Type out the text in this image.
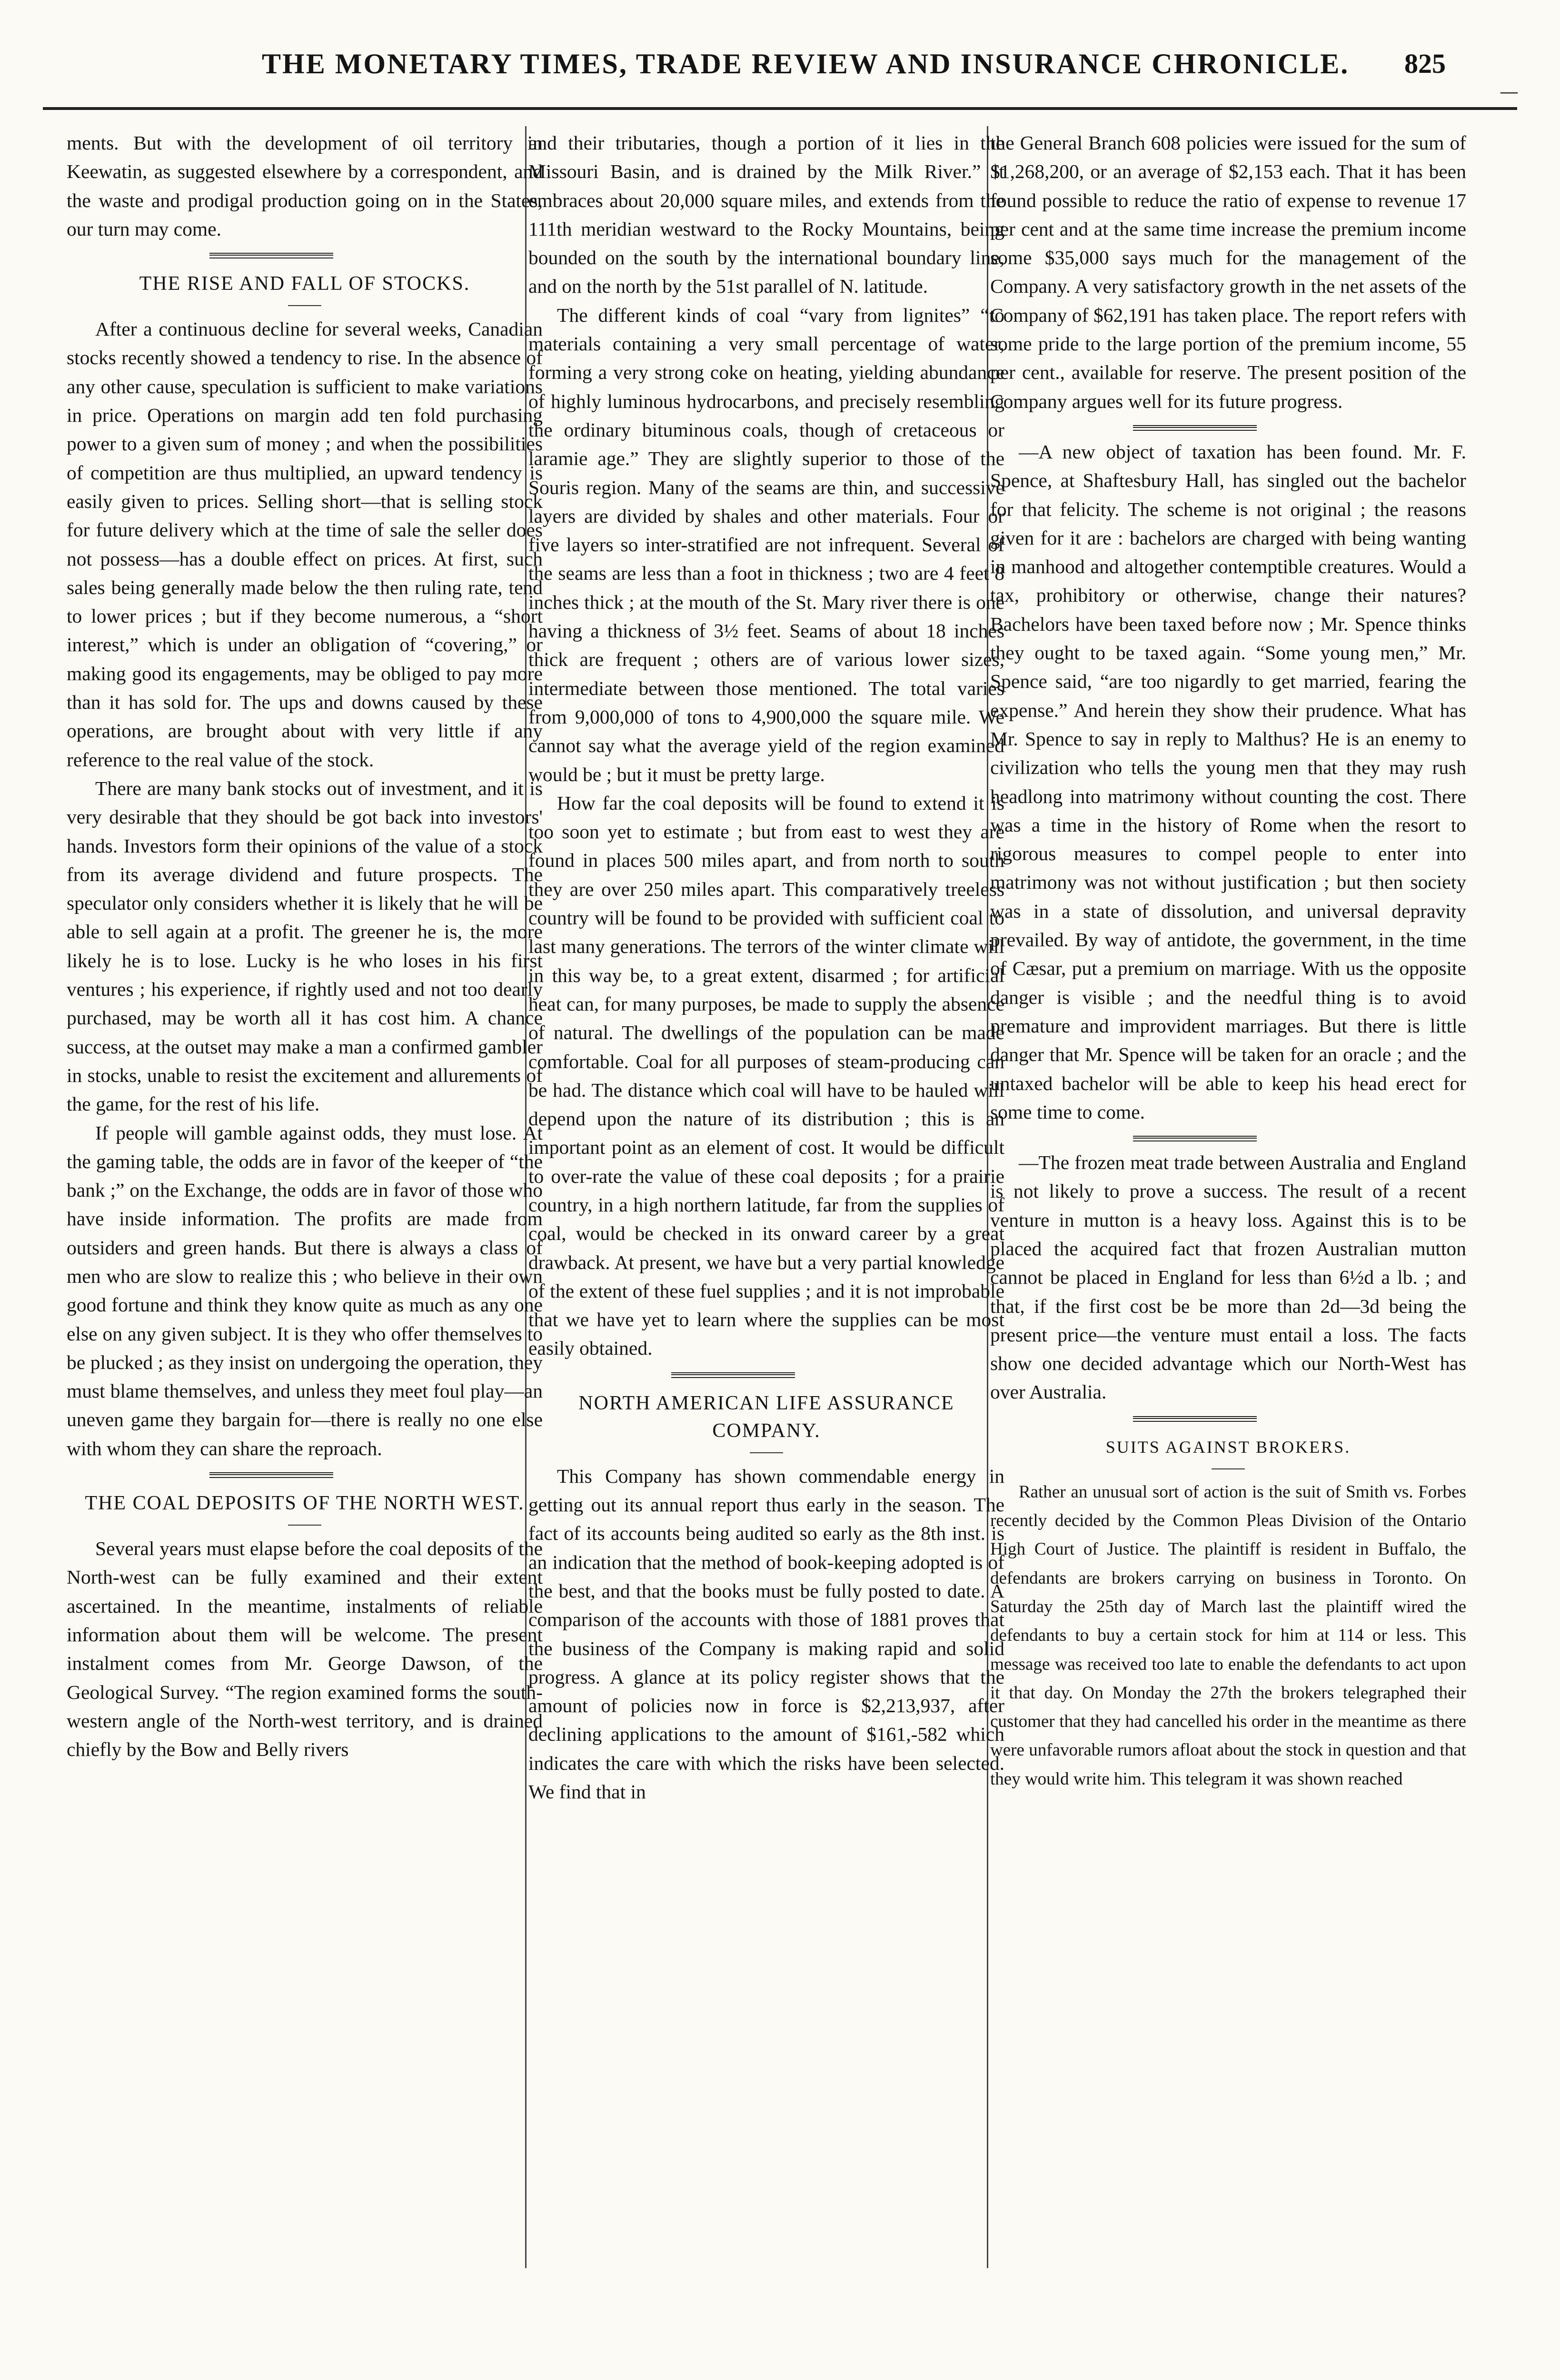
THE MONETARY TIMES, TRADE REVIEW AND INSURANCE CHRONICLE. 825
—

ments. But with the development of oil territory in Keewatin, as suggested elsewhere by a correspondent, and the waste and prodigal production going on in the States, our turn may come.

THE RISE AND FALL OF STOCKS.

After a continuous decline for several weeks, Canadian stocks recently showed a tendency to rise. In the absence of any other cause, speculation is sufficient to make variations in price. Operations on margin add ten fold purchasing power to a given sum of money ; and when the possibilities of competition are thus multiplied, an upward tendency is easily given to prices. Selling short—that is selling stock for future delivery which at the time of sale the seller does not possess—has a double effect on prices. At first, such sales being generally made below the then ruling rate, tend to lower prices ; but if they become numerous, a “short interest,” which is under an obligation of “covering,” or making good its engagements, may be obliged to pay more than it has sold for. The ups and downs caused by these operations, are brought about with very little if any reference to the real value of the stock.

There are many bank stocks out of investment, and it is very desirable that they should be got back into investors' hands. Investors form their opinions of the value of a stock from its average dividend and future prospects. The speculator only considers whether it is likely that he will be able to sell again at a profit. The greener he is, the more likely he is to lose. Lucky is he who loses in his first ventures ; his experience, if rightly used and not too dearly purchased, may be worth all it has cost him. A chance success, at the outset may make a man a confirmed gambler in stocks, unable to resist the excitement and allurements of the game, for the rest of his life.

If people will gamble against odds, they must lose. At the gaming table, the odds are in favor of the keeper of “the bank ;” on the Exchange, the odds are in favor of those who have inside information. The profits are made from outsiders and green hands. But there is always a class of men who are slow to realize this ; who believe in their own good fortune and think they know quite as much as any one else on any given subject. It is they who offer themselves to be plucked ; as they insist on undergoing the operation, they must blame themselves, and unless they meet foul play—an uneven game they bargain for—there is really no one else with whom they can share the reproach.

THE COAL DEPOSITS OF THE NORTH WEST.

Several years must elapse before the coal deposits of the North-west can be fully examined and their extent ascertained. In the meantime, instalments of reliable information about them will be welcome. The present instalment comes from Mr. George Dawson, of the Geological Survey. “The region examined forms the south-western angle of the North-west territory, and is drained chiefly by the Bow and Belly rivers

and their tributaries, though a portion of it lies in the Missouri Basin, and is drained by the Milk River.” It embraces about 20,000 square miles, and extends from the 111th meridian westward to the Rocky Mountains, being bounded on the south by the international boundary line, and on the north by the 51st parallel of N. latitude.

The different kinds of coal “vary from lignites” “to materials containing a very small percentage of water, forming a very strong coke on heating, yielding abundance of highly luminous hydrocarbons, and precisely resembling the ordinary bituminous coals, though of cretaceous or laramie age.” They are slightly superior to those of the Souris region. Many of the seams are thin, and successive layers are divided by shales and other materials. Four or five layers so inter-stratified are not infrequent. Several of the seams are less than a foot in thickness ; two are 4 feet 8 inches thick ; at the mouth of the St. Mary river there is one having a thickness of 3½ feet. Seams of about 18 inches thick are frequent ; others are of various lower sizes, intermediate between those mentioned. The total varies from 9,000,000 of tons to 4,900,000 the square mile. We cannot say what the average yield of the region examined would be ; but it must be pretty large.

How far the coal deposits will be found to extend it is too soon yet to estimate ; but from east to west they are found in places 500 miles apart, and from north to south they are over 250 miles apart. This comparatively treeless country will be found to be provided with sufficient coal to last many generations. The terrors of the winter climate will in this way be, to a great extent, disarmed ; for artificial heat can, for many purposes, be made to supply the absence of natural. The dwellings of the population can be made comfortable. Coal for all purposes of steam-producing can be had. The distance which coal will have to be hauled will depend upon the nature of its distribution ; this is an important point as an element of cost. It would be difficult to over-rate the value of these coal deposits ; for a prairie country, in a high northern latitude, far from the supplies of coal, would be checked in its onward career by a great drawback. At present, we have but a very partial knowledge of the extent of these fuel supplies ; and it is not improbable that we have yet to learn where the supplies can be most easily obtained.

NORTH AMERICAN LIFE ASSURANCE COMPANY.

This Company has shown commendable energy in getting out its annual report thus early in the season. The fact of its accounts being audited so early as the 8th inst. is an indication that the method of book-keeping adopted is of the best, and that the books must be fully posted to date. A comparison of the accounts with those of 1881 proves that the business of the Company is making rapid and solid progress. A glance at its policy register shows that the amount of policies now in force is $2,213,937, after declining applications to the amount of $161,-582 which indicates the care with which the risks have been selected. We find that in

the General Branch 608 policies were issued for the sum of $1,268,200, or an average of $2,153 each. That it has been found possible to reduce the ratio of expense to revenue 17 per cent and at the same time increase the premium income some $35,000 says much for the management of the Company. A very satisfactory growth in the net assets of the Company of $62,191 has taken place. The report refers with some pride to the large portion of the premium income, 55 per cent., available for reserve. The present position of the Company argues well for its future progress.

—A new object of taxation has been found. Mr. F. Spence, at Shaftesbury Hall, has singled out the bachelor for that felicity. The scheme is not original ; the reasons given for it are : bachelors are charged with being wanting in manhood and altogether contemptible creatures. Would a tax, prohibitory or otherwise, change their natures? Bachelors have been taxed before now ; Mr. Spence thinks they ought to be taxed again. “Some young men,” Mr. Spence said, “are too nigardly to get married, fearing the expense.” And herein they show their prudence. What has Mr. Spence to say in reply to Malthus? He is an enemy to civilization who tells the young men that they may rush headlong into matrimony without counting the cost. There was a time in the history of Rome when the resort to rigorous measures to compel people to enter into matrimony was not without justification ; but then society was in a state of dissolution, and universal depravity prevailed. By way of antidote, the government, in the time of Cæsar, put a premium on marriage. With us the opposite danger is visible ; and the needful thing is to avoid premature and improvident marriages. But there is little danger that Mr. Spence will be taken for an oracle ; and the untaxed bachelor will be able to keep his head erect for some time to come.

—The frozen meat trade between Australia and England is not likely to prove a success. The result of a recent venture in mutton is a heavy loss. Against this is to be placed the acquired fact that frozen Australian mutton cannot be placed in England for less than 6½d a lb. ; and that, if the first cost be be more than 2d—3d being the present price—the venture must entail a loss. The facts show one decided advantage which our North-West has over Australia.

SUITS AGAINST BROKERS.

Rather an unusual sort of action is the suit of Smith vs. Forbes recently decided by the Common Pleas Division of the Ontario High Court of Justice. The plaintiff is resident in Buffalo, the defendants are brokers carrying on business in Toronto. On Saturday the 25th day of March last the plaintiff wired the defendants to buy a certain stock for him at 114 or less. This message was received too late to enable the defendants to act upon it that day. On Monday the 27th the brokers telegraphed their customer that they had cancelled his order in the meantime as there were unfavorable rumors afloat about the stock in question and that they would write him. This telegram it was shown reached
